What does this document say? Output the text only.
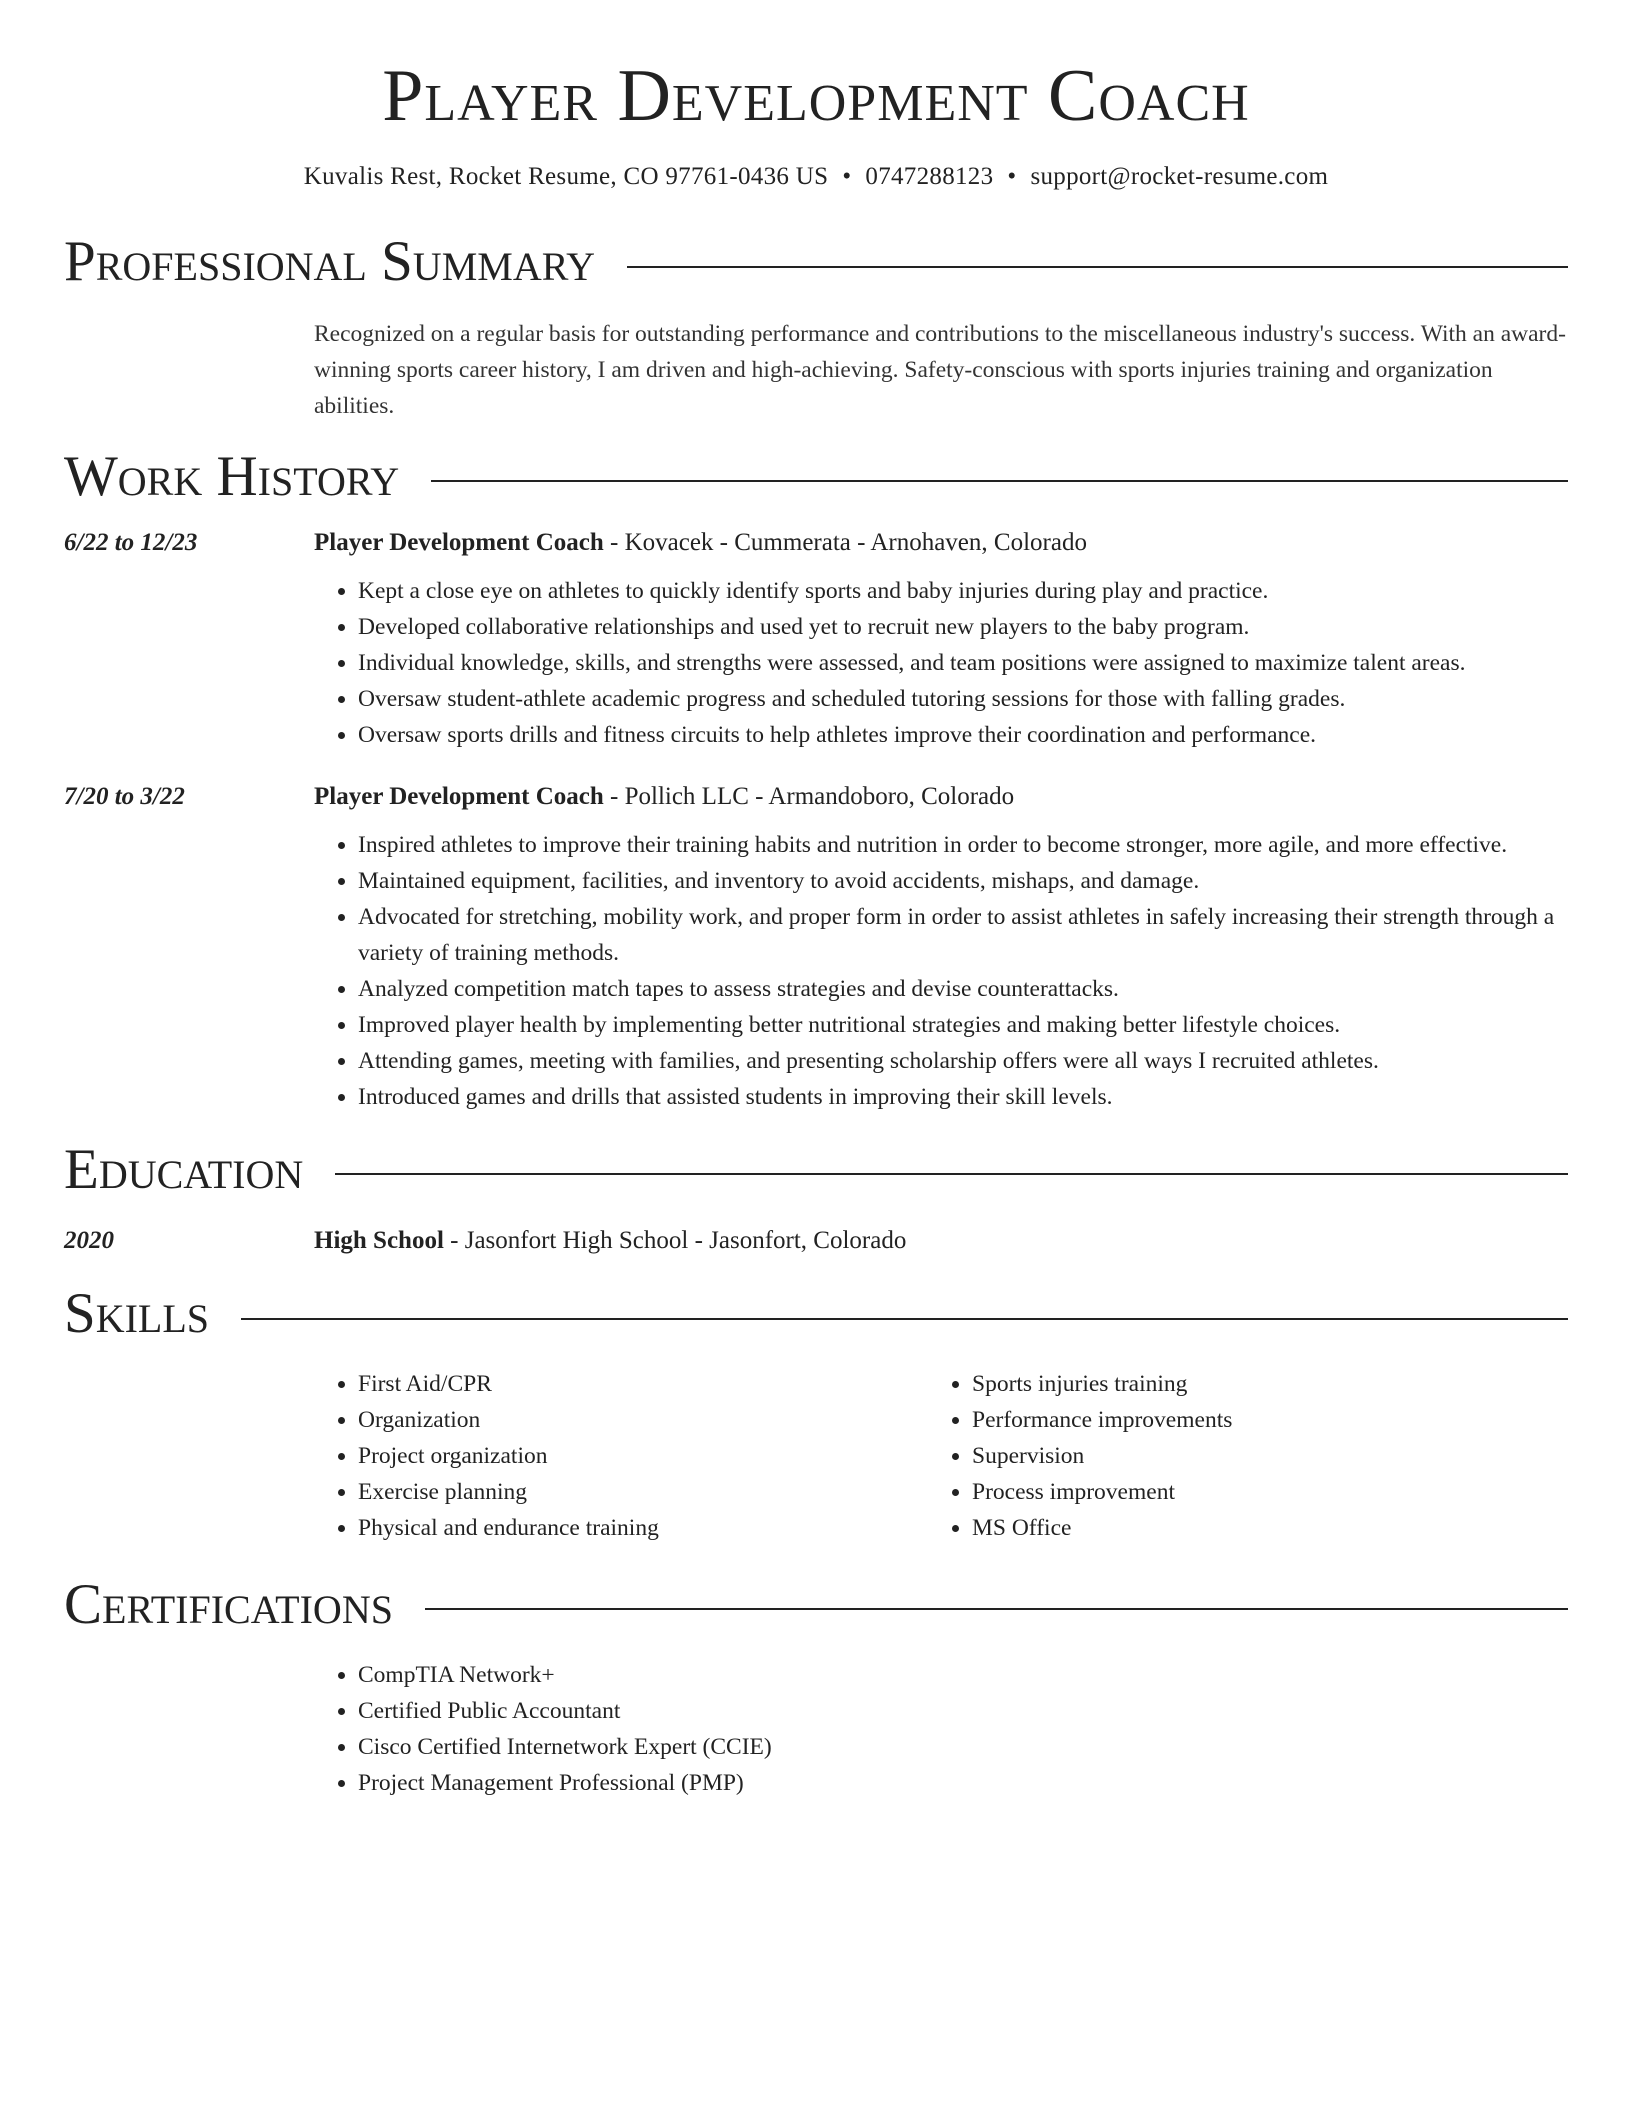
Player Development Coach
Kuvalis Rest, Rocket Resume, CO 97761-0436 US • 0747288123 • support@rocket-resume.com
Professional Summary
Recognized on a regular basis for outstanding performance and contributions to the miscellaneous industry's success. With an award-winning sports career history, I am driven and high-achieving. Safety-conscious with sports injuries training and organization abilities.
Work History
6/22 to 12/23	Player Development Coach - Kovacek - Cummerata - Arnohaven, Colorado
• Kept a close eye on athletes to quickly identify sports and baby injuries during play and practice.
• Developed collaborative relationships and used yet to recruit new players to the baby program.
• Individual knowledge, skills, and strengths were assessed, and team positions were assigned to maximize talent areas.
• Oversaw student-athlete academic progress and scheduled tutoring sessions for those with falling grades.
• Oversaw sports drills and fitness circuits to help athletes improve their coordination and performance.
7/20 to 3/22	Player Development Coach - Pollich LLC - Armandoboro, Colorado
• Inspired athletes to improve their training habits and nutrition in order to become stronger, more agile, and more effective.
• Maintained equipment, facilities, and inventory to avoid accidents, mishaps, and damage.
• Advocated for stretching, mobility work, and proper form in order to assist athletes in safely increasing their strength through a variety of training methods.
• Analyzed competition match tapes to assess strategies and devise counterattacks.
• Improved player health by implementing better nutritional strategies and making better lifestyle choices.
• Attending games, meeting with families, and presenting scholarship offers were all ways I recruited athletes.
• Introduced games and drills that assisted students in improving their skill levels.
Education
2020	High School - Jasonfort High School - Jasonfort, Colorado
Skills
• First Aid/CPR
• Organization
• Project organization
• Exercise planning
• Physical and endurance training
• Sports injuries training
• Performance improvements
• Supervision
• Process improvement
• MS Office
Certifications
• CompTIA Network+
• Certified Public Accountant
• Cisco Certified Internetwork Expert (CCIE)
• Project Management Professional (PMP)
